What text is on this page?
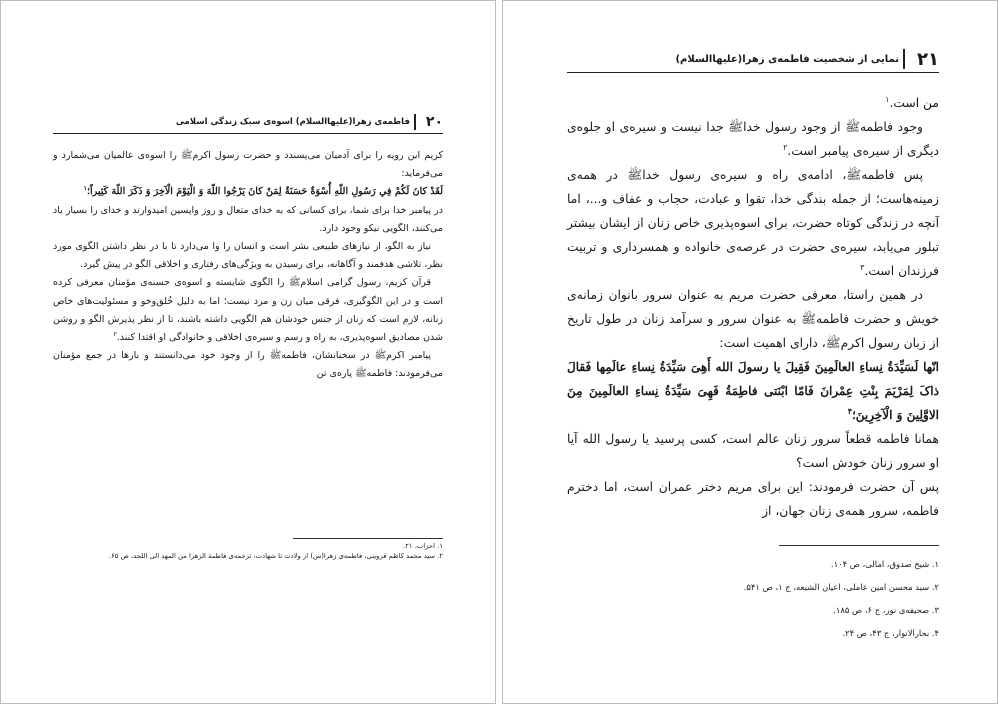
۲۰
فاطمه‌ی زهرا(علیهاالسلام) اسوه‌ی سبک زندگی اسلامی

کریم این رویه را برای آدمیان می‌پسندد و حضرت رسول اکرمﷺ را اسوه‌ی عالمیان می‌شمارد و می‌فرماید:

لَقَدْ كانَ لَكُمْ فِي رَسُولِ اللّهِ أُسْوَةٌ حَسَنَةٌ لِمَنْ كانَ يَرْجُوا اللّهَ وَ الْيَوْمَ الْآخِرَ وَ ذَكَرَ اللّهَ كَثِيراً؛$^۱$

در پیامبر خدا برای شما، برای کسانی که به خدای متعال و روز واپسین امیدوارند و خدای را بسیار یاد می‌کنند، الگویی نیکو وجود دارد.

نیاز به الگو، از نیازهای طبیعی بشر است و انسان را وا می‌دارد تا با در نظر داشتن الگوی مورد نظر، تلاشی هدفمند و آگاهانه، برای رسیدن به ویژگی‌های رفتاری و اخلاقی الگو در پیش گیرد.

قرآن کریم، رسول گرامی اسلامﷺ را الگوی شایسته و اسوه‌ی حسنه‌ی مؤمنان معرفی کرده است و در این الگوگیری، فرقی میان زن و مرد نیست؛ اما به دلیل خُلق‌وخو و مسئولیت‌های خاص زنانه، لازم است که زنان از جنس خودشان هم الگویی داشته باشند، تا از نظر پذیرش الگو و روشن شدن مصادیق اسوه‌پذیری، به راه و رسم و سیره‌ی اخلاقی و خانوادگی او اقتدا کنند.$^۲$

پیامبر اکرمﷺ در سخنانشان، فاطمهﷺ را از وجود خود می‌دانستند و بارها در جمع مؤمنان می‌فرمودند: فاطمهﷺ پاره‌ی تن

۱. احزاب، ۲۱.
۲. سید محمد کاظم قزوینی، فاطمه‌ی زهرا(س) از ولادت تا شهادت، ترجمه‌ی فاطمة الزهرا من المهد الی اللحد، ص ۶۵.
۲۱
نمایی از شخصیت فاطمه‌ی زهرا(علیهاالسلام)

من است.$^۱$

وجود فاطمهﷺ از وجود رسول خداﷺ جدا نیست و سیره‌ی او جلوه‌ی دیگری از سیره‌ی پیامبر است.$^۲$

پس فاطمهﷺ، ادامه‌ی راه و سیره‌ی رسول خداﷺ در همه‌ی زمینه‌هاست؛ از جمله بندگی خدا، تقوا و عبادت، حجاب و عفاف و...، اما آنچه در زندگی کوتاه حضرت، برای اسوه‌پذیری خاص زنان از ایشان بیشتر تبلور می‌یابد، سیره‌ی حضرت در عرصه‌ی خانواده و همسرداری و تربیت فرزندان است.$^۳$

در همین راستا، معرفی حضرت مریم به عنوان سرور بانوان زمانه‌ی خویش و حضرت فاطمهﷺ به عنوان سرور و سرآمد زنان در طول تاریخ از زبان رسول اکرمﷺ، دارای اهمیت است:

انّها لَسَیِّدَةُ نِساءِ العالَمِینَ فَقِیلَ یا رسولَ الله أَهِیَ سَیِّدَةُ نِساءِ عالَمِها فَقالَ ذاکَ لِمَرْیَمَ بِنْتِ عِمْرانَ فَامّا ابْنَتی فاطِمَةُ فَهِیَ سَیِّدَةُ نِساءِ العالَمِینَ مِنَ الاوَّلِینَ وَ الْآخِرِینَ؛$^۴$

همانا فاطمه قطعاً سرور زنان عالم است، کسی پرسید یا رسول الله آیا او سرور زنان خودش است؟

پس آن حضرت فرمودند: این برای مریم دختر عمران است، اما دخترم فاطمه، سرور همه‌ی زنان جهان، از

۱. شیخ صدوق، امالی، ص ۱۰۴.
۲. سید محسن امین عاملی، اعیان الشیعه، ج ۱، ص ۵۴۱.
۳. صحیفه‌ی نور، ج ۶، ص ۱۸۵.
۴. بحارالانوار، ج ۴۳، ص ۲۴.
